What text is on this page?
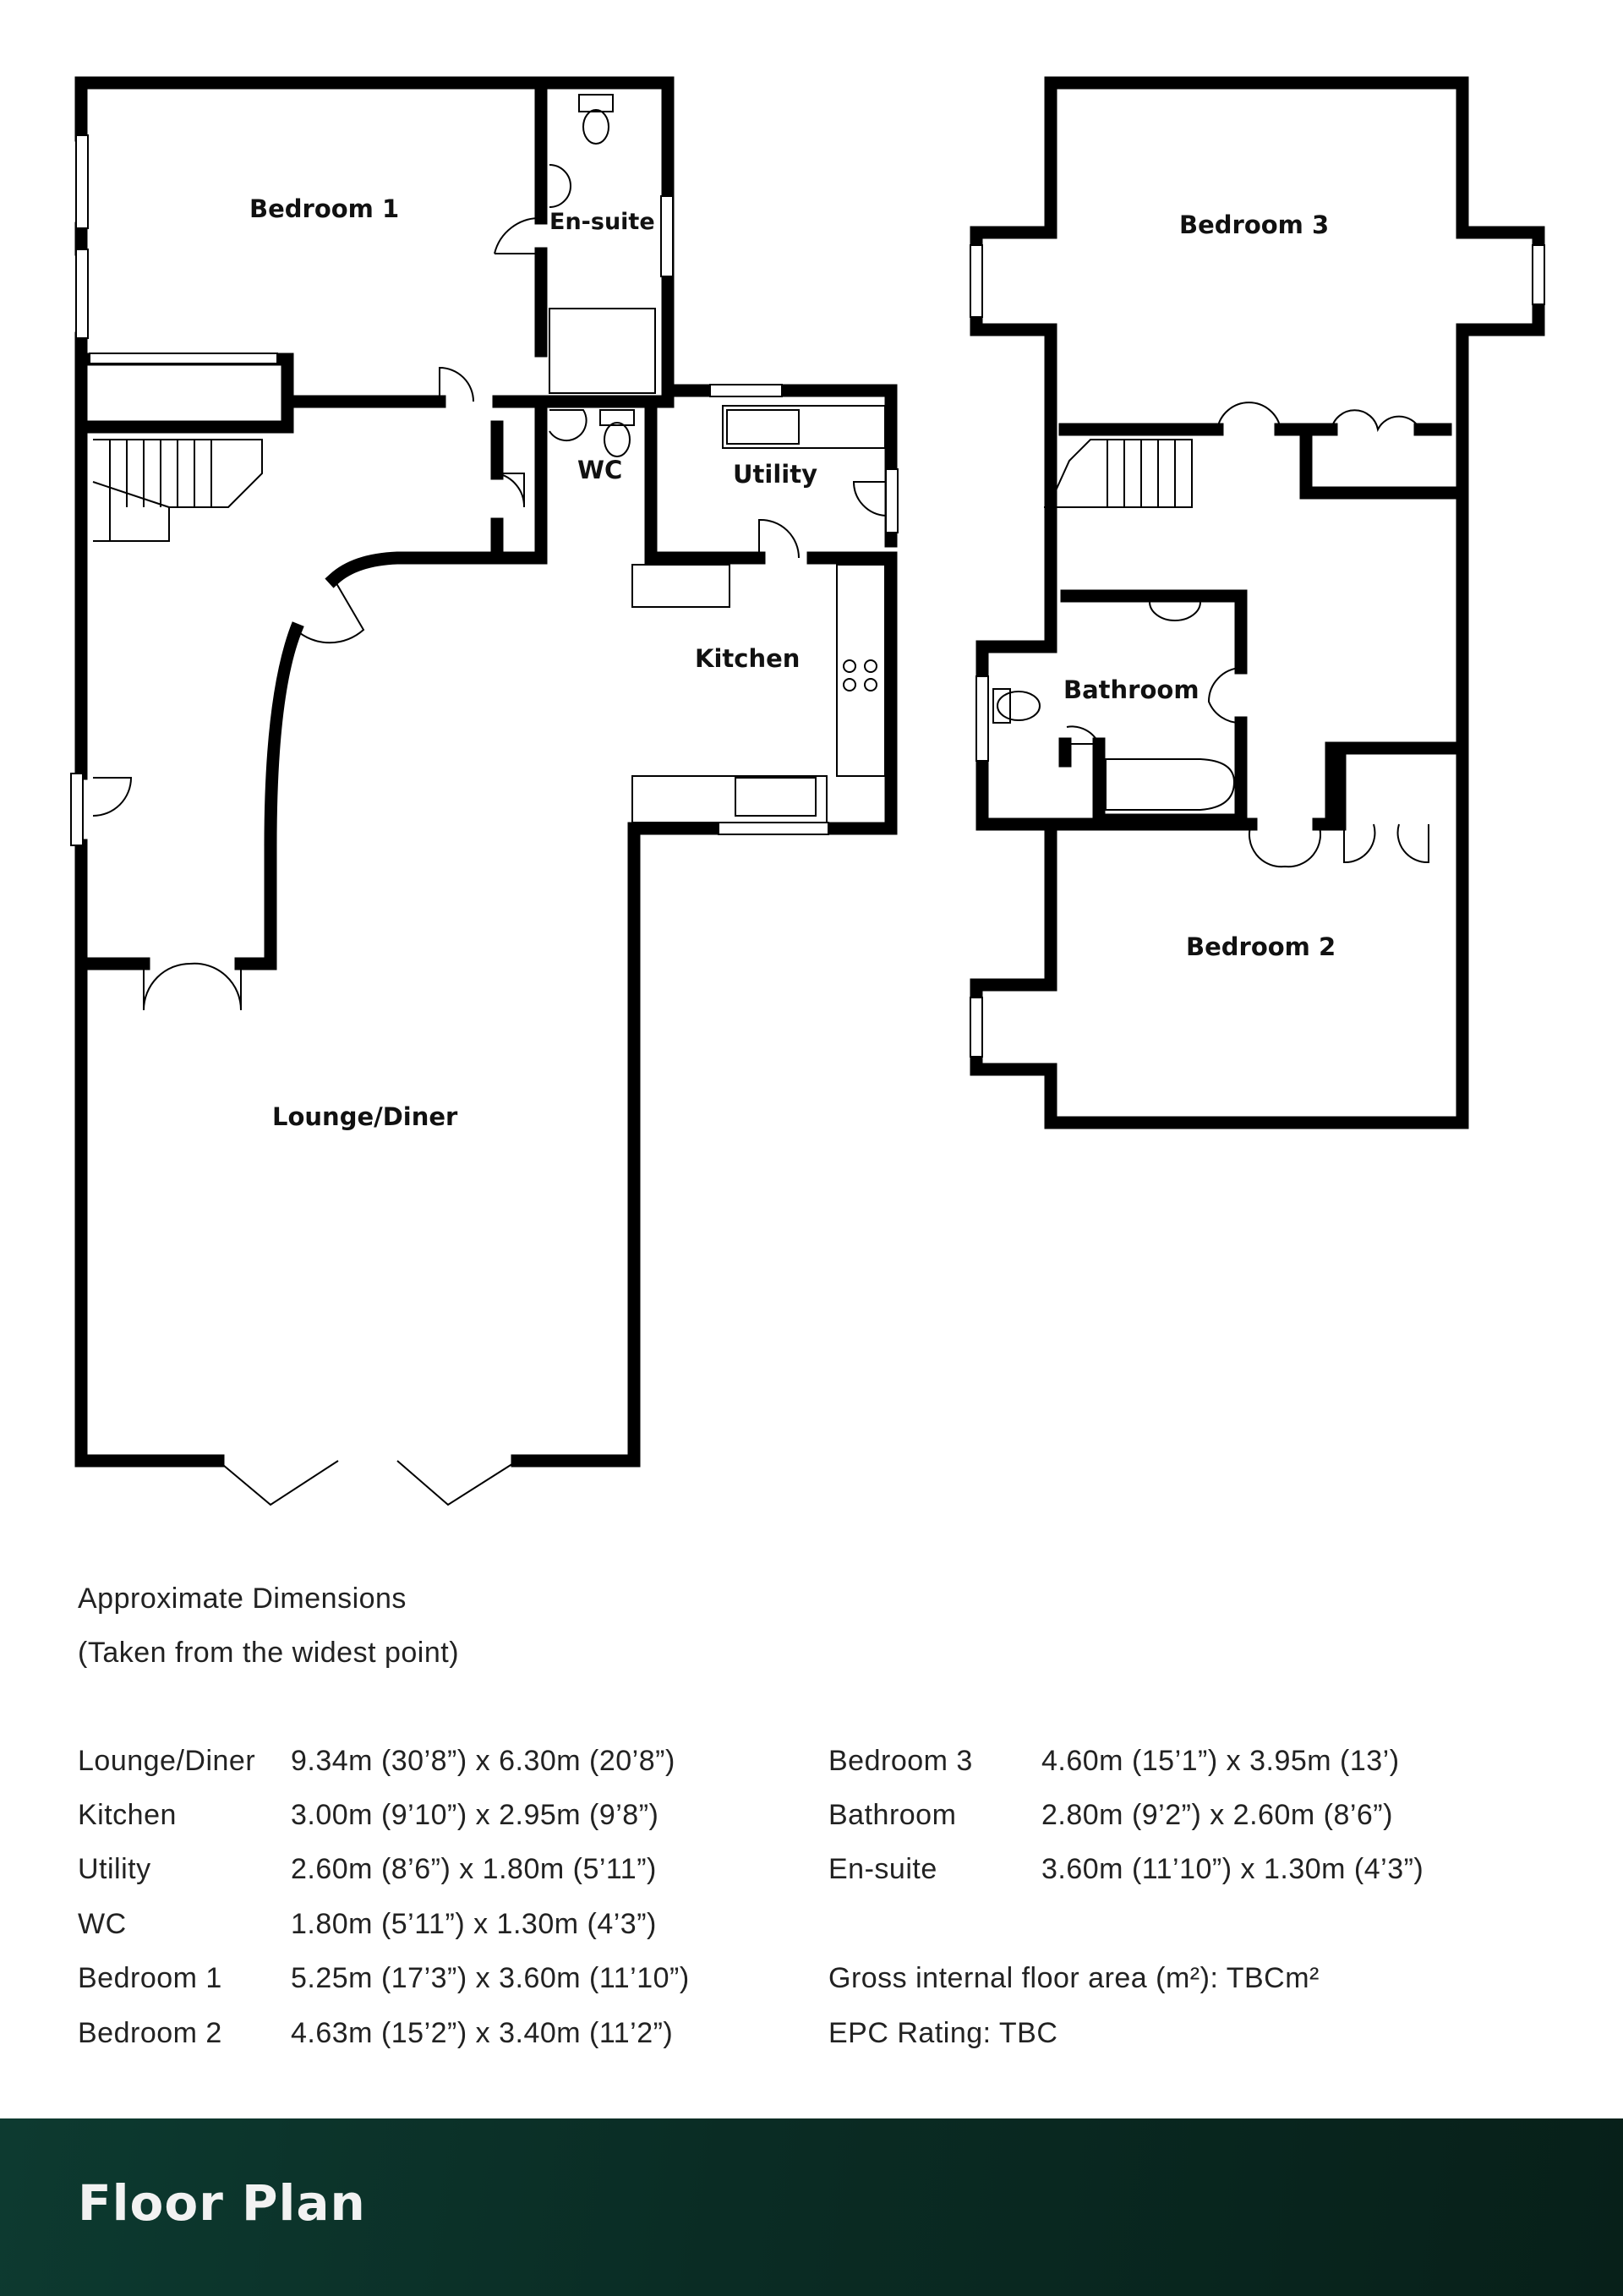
Bedroom 1	En-suite
WC	Utility
Kitchen
Lounge/Diner
Bedroom 3
Bathroom
Bedroom 2
Approximate Dimensions
(Taken from the widest point)
Lounge/Diner 9.34m (30’8”) x 6.30m (20’8”)
Kitchen	3.00m (9’10”) x 2.95m (9’8”)
Utility	2.60m (8’6”) x 1.80m (5’11”)
WC	1.80m (5’11”) x 1.30m (4’3”)
Bedroom 1 5.25m (17’3”) x 3.60m (11’10”)
Bedroom 2 4.63m (15’2”) x 3.40m (11’2”)
Bedroom 3 4.60m (15’1”) x 3.95m (13’)
Bathroom	2.80m (9’2”) x 2.60m (8’6”)
En-suite	3.60m (11’10”) x 1.30m (4’3”)
Gross internal floor area (m²): TBCm²
EPC Rating: TBC
Floor Plan
